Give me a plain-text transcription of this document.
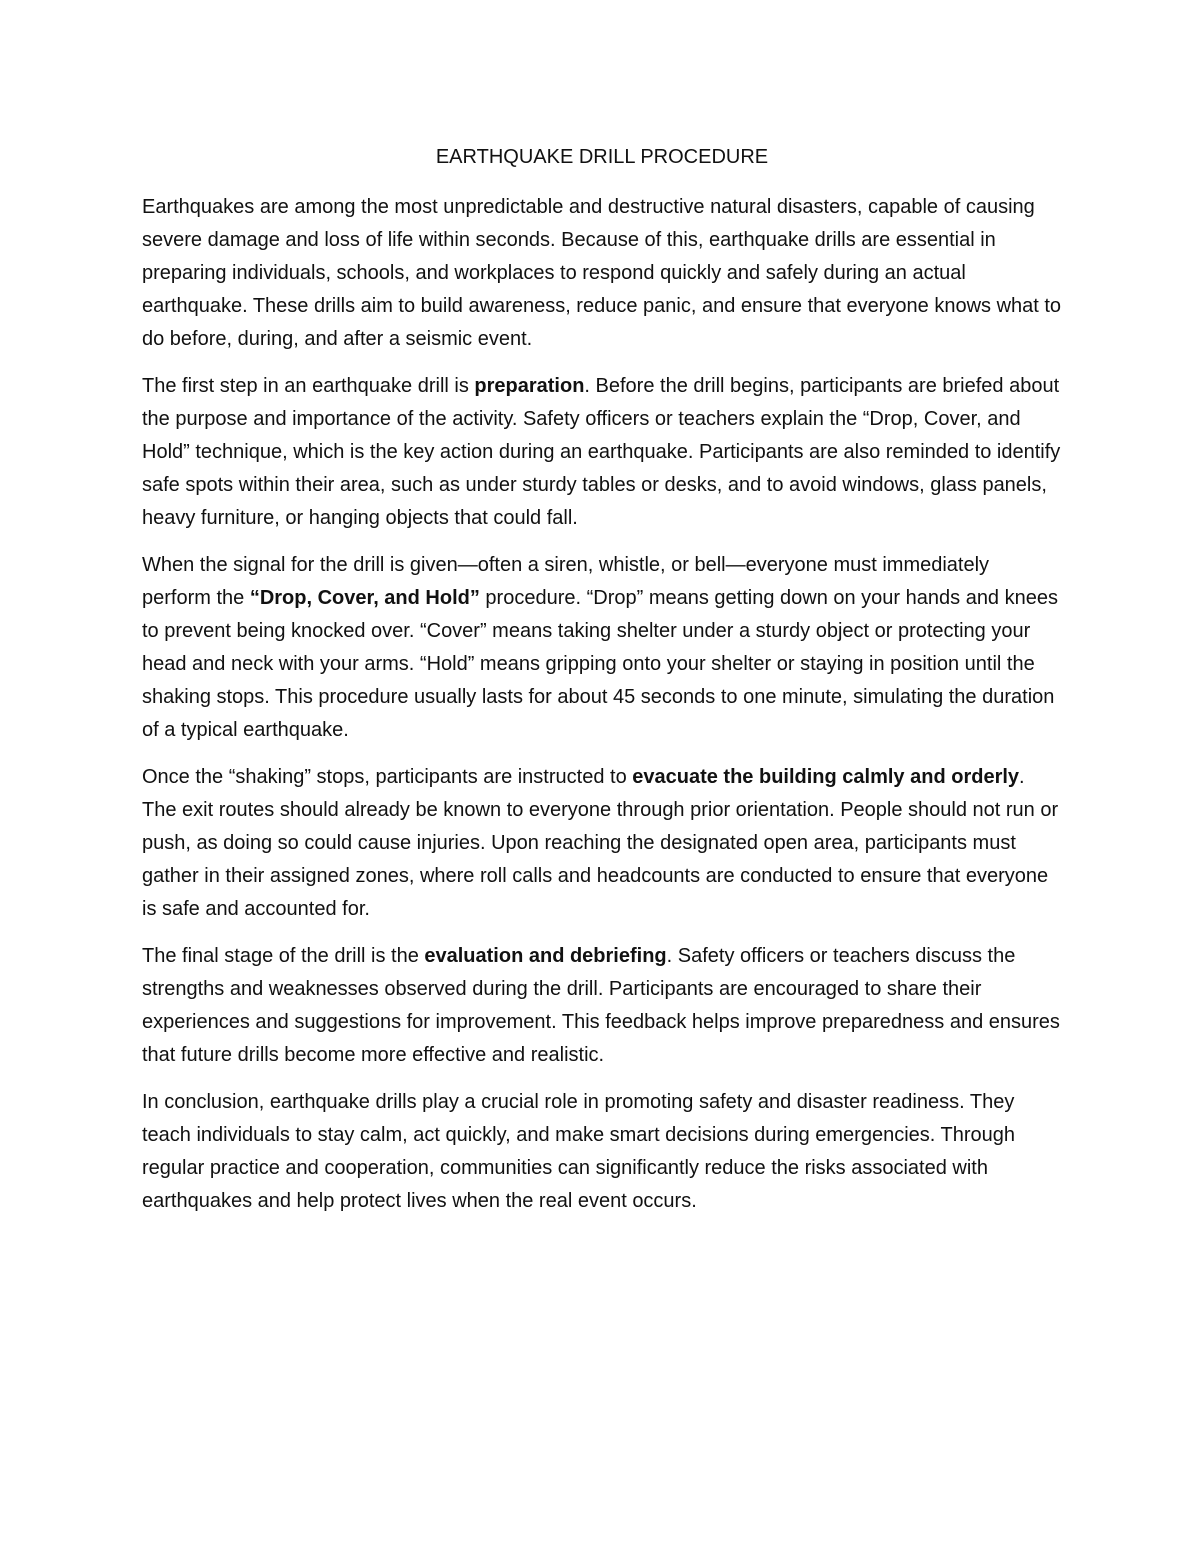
EARTHQUAKE DRILL PROCEDURE

Earthquakes are among the most unpredictable and destructive natural disasters, capable of causing severe damage and loss of life within seconds. Because of this, earthquake drills are essential in preparing individuals, schools, and workplaces to respond quickly and safely during an actual earthquake. These drills aim to build awareness, reduce panic, and ensure that everyone knows what to do before, during, and after a seismic event.

The first step in an earthquake drill is preparation. Before the drill begins, participants are briefed about the purpose and importance of the activity. Safety officers or teachers explain the “Drop, Cover, and Hold” technique, which is the key action during an earthquake. Participants are also reminded to identify safe spots within their area, such as under sturdy tables or desks, and to avoid windows, glass panels, heavy furniture, or hanging objects that could fall.

When the signal for the drill is given—often a siren, whistle, or bell—everyone must immediately perform the “Drop, Cover, and Hold” procedure. “Drop” means getting down on your hands and knees to prevent being knocked over. “Cover” means taking shelter under a sturdy object or protecting your head and neck with your arms. “Hold” means gripping onto your shelter or staying in position until the shaking stops. This procedure usually lasts for about 45 seconds to one minute, simulating the duration of a typical earthquake.

Once the “shaking” stops, participants are instructed to evacuate the building calmly and orderly. The exit routes should already be known to everyone through prior orientation. People should not run or push, as doing so could cause injuries. Upon reaching the designated open area, participants must gather in their assigned zones, where roll calls and headcounts are conducted to ensure that everyone is safe and accounted for.

The final stage of the drill is the evaluation and debriefing. Safety officers or teachers discuss the strengths and weaknesses observed during the drill. Participants are encouraged to share their experiences and suggestions for improvement. This feedback helps improve preparedness and ensures that future drills become more effective and realistic.

In conclusion, earthquake drills play a crucial role in promoting safety and disaster readiness. They teach individuals to stay calm, act quickly, and make smart decisions during emergencies. Through regular practice and cooperation, communities can significantly reduce the risks associated with earthquakes and help protect lives when the real event occurs.
